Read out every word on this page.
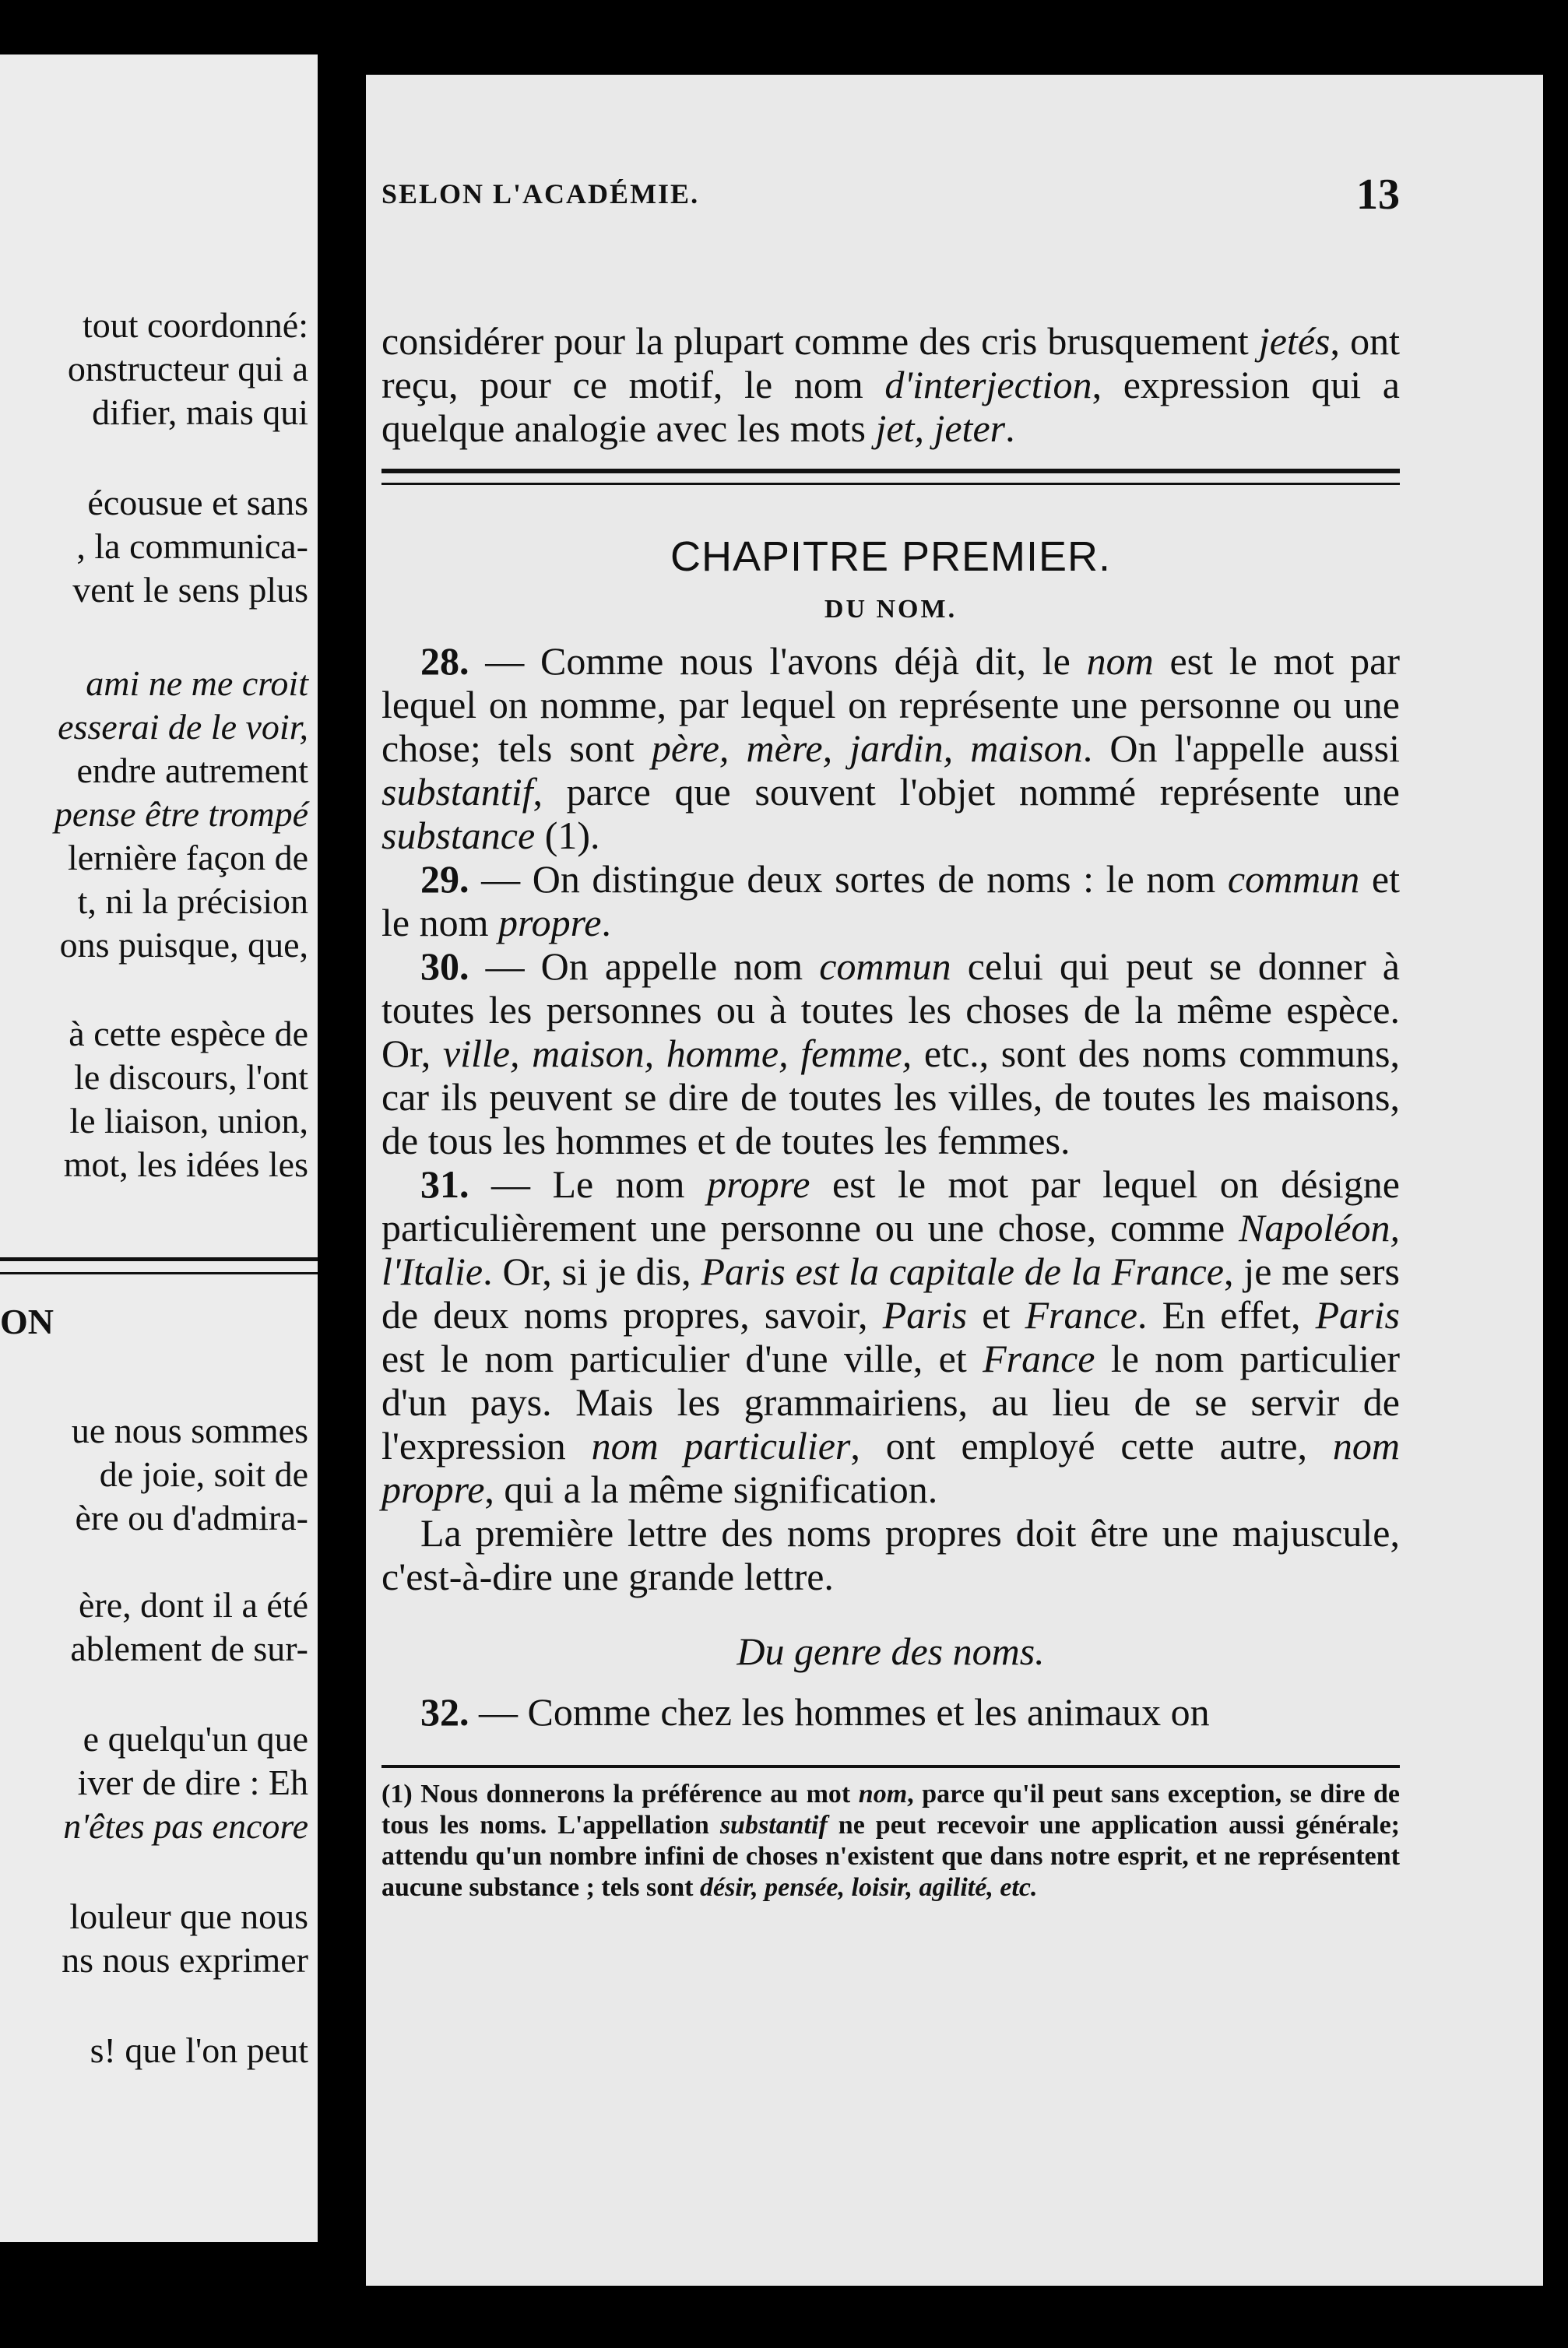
tout coordonné:
onstructeur qui a
difier, mais qui
écousue et sans
, la communica-
vent le sens plus
ami ne me croit
esserai de le voir,
endre autrement
pense être trompé
lernière façon de
t, ni la précision
ons puisque, que,
à cette espèce de
le discours, l'ont
le liaison, union,
mot, les idées les
ON
ue nous sommes
de joie, soit de
ère ou d'admira-
ère, dont il a été
ablement de sur-
e quelqu'un que
iver de dire : Eh
n'êtes pas encore
louleur que nous
ns nous exprimer
s! que l'on peut
SELON L'ACADÉMIE.	13

considérer pour la plupart comme des cris brusquement jetés, ont reçu, pour ce motif, le nom d'interjection, expression qui a quelque analogie avec les mots jet, jeter.

CHAPITRE PREMIER.
DU NOM.

28. — Comme nous l'avons déjà dit, le nom est le mot par lequel on nomme, par lequel on représente une personne ou une chose; tels sont père, mère, jardin, maison. On l'appelle aussi substantif, parce que souvent l'objet nommé représente une substance (1).

29. — On distingue deux sortes de noms : le nom commun et le nom propre.

30. — On appelle nom commun celui qui peut se donner à toutes les personnes ou à toutes les choses de la même espèce. Or, ville, maison, homme, femme, etc., sont des noms communs, car ils peuvent se dire de toutes les villes, de toutes les maisons, de tous les hommes et de toutes les femmes.

31. — Le nom propre est le mot par lequel on désigne particulièrement une personne ou une chose, comme Napoléon, l'Italie. Or, si je dis, Paris est la capitale de la France, je me sers de deux noms propres, savoir, Paris et France. En effet, Paris est le nom particulier d'une ville, et France le nom particulier d'un pays. Mais les grammairiens, au lieu de se servir de l'expression nom particulier, ont employé cette autre, nom propre, qui a la même signification.

La première lettre des noms propres doit être une majuscule, c'est-à-dire une grande lettre.

Du genre des noms.

32. — Comme chez les hommes et les animaux on

(1) Nous donnerons la préférence au mot nom, parce qu'il peut sans exception, se dire de tous les noms. L'appellation substantif ne peut recevoir une application aussi générale; attendu qu'un nombre infini de choses n'existent que dans notre esprit, et ne représentent aucune substance ; tels sont désir, pensée, loisir, agilité, etc.
